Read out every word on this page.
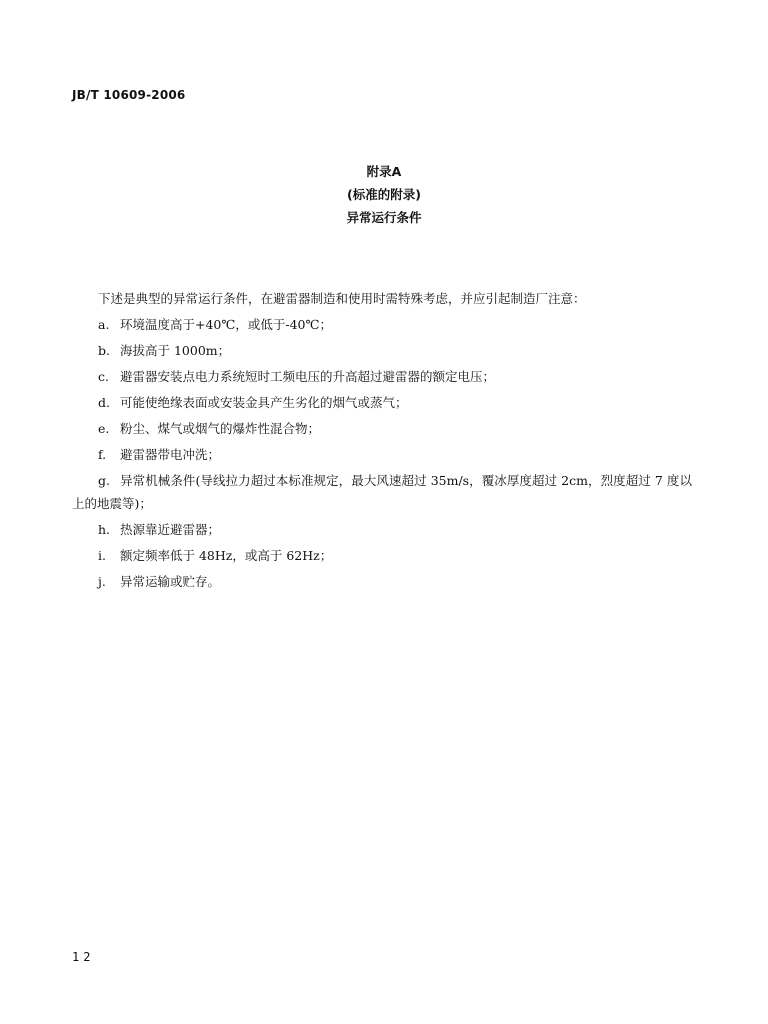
JB/T 10609-2006
附录A
(标准的附录)
异常运行条件

下述是典型的异常运行条件，在避雷器制造和使用时需特殊考虑，并应引起制造厂注意：

a. 环境温度高于+40℃，或低于-40℃；

b. 海拔高于 1000m；

c. 避雷器安装点电力系统短时工频电压的升高超过避雷器的额定电压；

d. 可能使绝缘表面或安装金具产生劣化的烟气或蒸气；

e. 粉尘、煤气或烟气的爆炸性混合物；

f. 避雷器带电冲洗；

g. 异常机械条件(导线拉力超过本标准规定，最大风速超过 35m/s，覆冰厚度超过 2cm，烈度超过 7 度以上的地震等)；

h. 热源靠近避雷器；

i. 额定频率低于 48Hz，或高于 62Hz；

j. 异常运输或贮存。

12
